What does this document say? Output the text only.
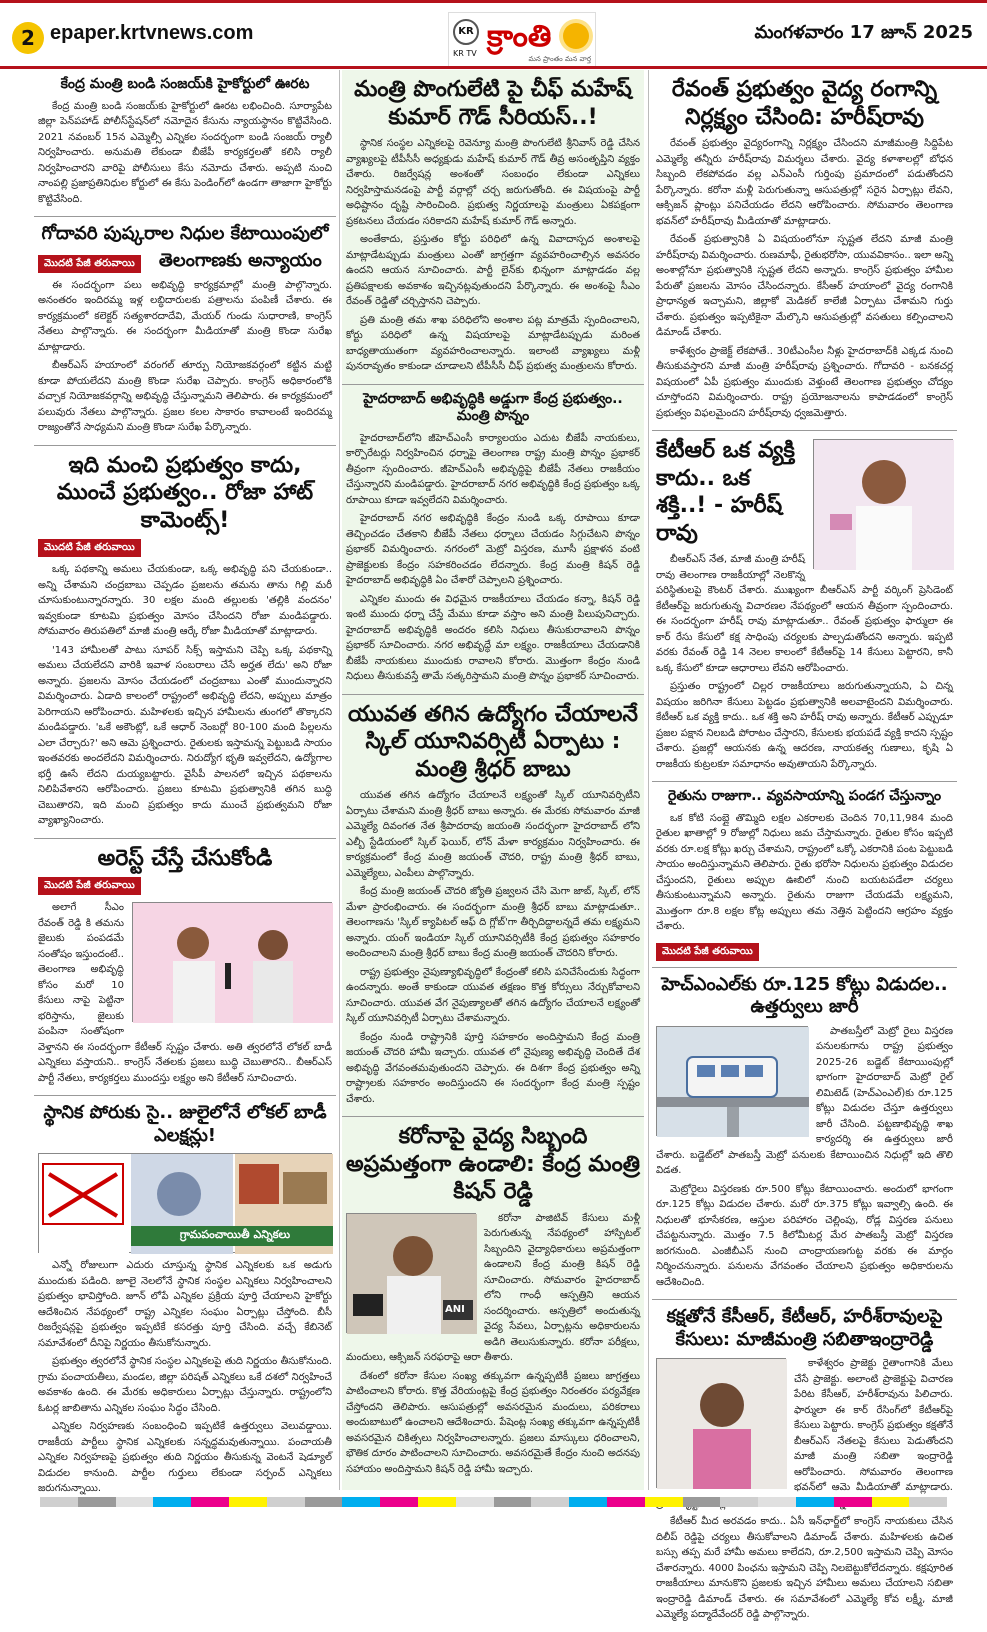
2 epaper.krtvnews.com	KR
KR TV క్రాంతి
మన ప్రాంతం మన వార్త
మంగళవారం 17 జూన్ 2025
కేంద్ర మంత్రి బండి సంజయ్‌కి హైకోర్టులో ఊరట

కేంద్ర మంత్రి బండి సంజయ్‌కు హైకోర్టులో ఊరట లభించింది. సూర్యాపేట జిల్లా పెన్‌పహాడ్ పోలీస్‌స్టేషన్‌లో నమోదైన కేసును న్యాయస్థానం కొట్టివేసింది. 2021 నవంబర్ 15న ఎమ్మెల్సీ ఎన్నికల సందర్భంగా బండి సంజయ్ ర్యాలీ నిర్వహించారు. అనుమతి లేకుండా బీజేపీ కార్యకర్తలతో కలిసి ర్యాలీ నిర్వహించారని వారిపై పోలీసులు కేసు నమోదు చేశారు. అప్పటి నుంచి నాంపల్లి ప్రజాప్రతినిధుల కోర్టులో ఈ కేసు పెండింగ్‌లో ఉండగా తాజాగా హైకోర్టు కొట్టివేసింది.

గోదావరి పుష్కరాల నిధుల కేటాయింపులో
మొదటి పేజీ తరువాయి	తెలంగాణకు అన్యాయం

ఈ సందర్భంగా పలు అభివృద్ధి కార్యక్రమాల్లో మంత్రి పాల్గొన్నారు. అనంతరం ఇందిరమ్మ ఇళ్ల లబ్ధిదారులకు పత్రాలను పంపిణీ చేశారు. ఈ కార్యక్రమంలో కలెక్టర్ సత్యశారదాదేవి, మేయర్ గుండు సుధారాణి, కాంగ్రెస్ నేతలు పాల్గొన్నారు. ఈ సందర్భంగా మీడియాతో మంత్రి కొండా సురేఖ మాట్లాడారు.

బీఆర్ఎస్ హయాంలో వరంగల్ తూర్పు నియోజకవర్గంలో కట్టిన మట్టి కూడా పోయలేదని మంత్రి కొండా సురేఖ చెప్పారు. కాంగ్రెస్ అధికారంలోకి వచ్చాక నియోజకవర్గాన్ని అభివృద్ధి చేస్తున్నామని తెలిపారు. ఈ కార్యక్రమంలో పలువురు నేతలు పాల్గొన్నారు. ప్రజల కలల సాకారం కావాలంటే ఇందిరమ్మ రాజ్యంతోనే సాధ్యమని మంత్రి కొండా సురేఖ పేర్కొన్నారు.

ఇది మంచి ప్రభుత్వం కాదు, ముంచే ప్రభుత్వం.. రోజా హాట్ కామెంట్స్!
మొదటి పేజీ తరువాయి

ఒక్క పథకాన్ని అమలు చేయకుండా, ఒక్క అభివృద్ధి పని చేయకుండా.. అన్ని చేశామని చంద్రబాబు చెప్పడం ప్రజలను తమను తాను గిల్లి మరీ చూసుకుంటున్నారన్నారు. 30 లక్షల మంది తల్లులకు 'తల్లికి వందనం' ఇవ్వకుండా కూటమి ప్రభుత్వం మోసం చేసిందని రోజా మండిపడ్డారు. సోమవారం తిరుపతిలో మాజీ మంత్రి ఆర్కే రోజా మీడియాతో మాట్లాడారు.

'143 హామీలతో పాటు సూపర్ సిక్స్ ఇస్తామని చెప్పి ఒక్క పథకాన్ని అమలు చేయలేదని వారికి ఇవాళ సంబరాలు చేసే అర్హత లేదు' అని రోజా అన్నారు. ప్రజలను మోసం చేయడంలో చంద్రబాబు ఎంతో ముందున్నారని విమర్శించారు. ఏడాది కాలంలో రాష్ట్రంలో అభివృద్ధి లేదని, అప్పులు మాత్రం పెరిగాయని ఆరోపించారు. మహిళలకు ఇచ్చిన హామీలను తుంగలో తొక్కారని మండిపడ్డారు. 'ఒకే అకౌంట్లో, ఒకే ఆధార్ నెంబర్లో 80-100 మంది పిల్లలను ఎలా చేర్చారు?' అని ఆమె ప్రశ్నించారు. రైతులకు ఇస్తామన్న పెట్టుబడి సాయం ఇంతవరకు అందలేదని విమర్శించారు. నిరుద్యోగ భృతి ఇవ్వలేదని, ఉద్యోగాల భర్తీ ఊసే లేదని దుయ్యబట్టారు. వైసీపీ పాలనలో ఇచ్చిన పథకాలను నిలిపివేశారని ఆరోపించారు. ప్రజలు కూటమి ప్రభుత్వానికి తగిన బుద్ధి చెబుతారని, ఇది మంచి ప్రభుత్వం కాదు ముంచే ప్రభుత్వమని రోజా వ్యాఖ్యానించారు.

అరెస్ట్ చేస్తే చేసుకోండి
మొదటి పేజీ తరువాయి

అలాగే సీఎం రేవంత్ రెడ్డి కి తమను జైలుకు పంపడమే సంతోషం ఇస్తుందంటే.. తెలంగాణ అభివృద్ధి కోసం మరో 10 కేసులు నాపై పెట్టినా భరిస్తాను, జైలుకు పంపినా సంతోషంగా వెళ్తానని ఈ సందర్భంగా కేటీఆర్ స్పష్టం చేశారు. అతి త్వరలోనే లోకల్ బాడీ ఎన్నికలు వస్తాయని.. కాంగ్రెస్ నేతలకు ప్రజలు బుద్ధి చెబుతారని.. బీఆర్ఎస్ పార్టీ నేతలు, కార్యకర్తలు ముందస్తు లక్ష్యం అని కేటీఆర్ సూచించారు.

స్థానిక పోరుకు సై.. జులైలోనే లోకల్ బాడీ ఎలక్షన్లు!
గ్రామపంచాయితీ ఎన్నికలు

ఎన్నో రోజులుగా ఎదురు చూస్తున్న స్థానిక ఎన్నికలకు ఒక అడుగు ముందుకు పడింది. జూలై నెలలోనే స్థానిక సంస్థల ఎన్నికలు నిర్వహించాలని ప్రభుత్వం భావిస్తోంది. జూన్ లోపే ఎన్నికల ప్రక్రియ పూర్తి చేయాలని హైకోర్టు ఆదేశించిన నేపథ్యంలో రాష్ట్ర ఎన్నికల సంఘం ఏర్పాట్లు చేస్తోంది. బీసీ రిజర్వేషన్లపై ప్రభుత్వం ఇప్పటికే కసరత్తు పూర్తి చేసింది. వచ్చే కేబినెట్ సమావేశంలో దీనిపై నిర్ణయం తీసుకోనున్నారు.

ప్రభుత్వం త్వరలోనే స్థానిక సంస్థల ఎన్నికలపై తుది నిర్ణయం తీసుకోనుంది. గ్రామ పంచాయతీలు, మండల, జిల్లా పరిషత్ ఎన్నికలు ఒకే దశలో నిర్వహించే అవకాశం ఉంది. ఈ మేరకు అధికారులు ఏర్పాట్లు చేస్తున్నారు. రాష్ట్రంలోని ఓటర్ల జాబితాను ఎన్నికల సంఘం సిద్ధం చేసింది.

ఎన్నికల నిర్వహణకు సంబంధించి ఇప్పటికే ఉత్తర్వులు వెలువడ్డాయి. రాజకీయ పార్టీలు స్థానిక ఎన్నికలకు సన్నద్ధమవుతున్నాయి. పంచాయతీ ఎన్నికల నిర్వహణపై ప్రభుత్వం తుది నిర్ణయం తీసుకున్న వెంటనే షెడ్యూల్ విడుదల కానుంది. పార్టీల గుర్తులు లేకుండా సర్పంచ్ ఎన్నికలు జరుగనున్నాయి.

మంత్రి పొంగులేటి పై చీఫ్ మహేష్ కుమార్ గౌడ్ సీరియస్..!

స్థానిక సంస్థల ఎన్నికలపై రెవెన్యూ మంత్రి పొంగులేటి శ్రీనివాస్ రెడ్డి చేసిన వ్యాఖ్యలపై టీపీసీసీ అధ్యక్షుడు మహేష్ కుమార్ గౌడ్ తీవ్ర అసంతృప్తిని వ్యక్తం చేశారు. రిజర్వేషన్ల అంశంతో సంబంధం లేకుండా ఎన్నికలు నిర్వహిస్తామనడంపై పార్టీ వర్గాల్లో చర్చ జరుగుతోంది. ఈ విషయంపై పార్టీ అధిష్టానం దృష్టి సారించింది. ప్రభుత్వ నిర్ణయాలపై మంత్రులు ఏకపక్షంగా ప్రకటనలు చేయడం సరికాదని మహేష్ కుమార్ గౌడ్ అన్నారు.

అంతేకాదు, ప్రస్తుతం కోర్టు పరిధిలో ఉన్న వివాదాస్పద అంశాలపై మాట్లాడేటప్పుడు మంత్రులు ఎంతో జాగ్రత్తగా వ్యవహరించాల్సిన అవసరం ఉందని ఆయన సూచించారు. పార్టీ లైన్‌కు భిన్నంగా మాట్లాడడం వల్ల ప్రతిపక్షాలకు అవకాశం ఇచ్చినట్లవుతుందని పేర్కొన్నారు. ఈ అంశంపై సీఎం రేవంత్ రెడ్డితో చర్చిస్తానని చెప్పారు.

ప్రతి మంత్రి తమ శాఖ పరిధిలోని అంశాల పట్ల మాత్రమే స్పందించాలని, కోర్టు పరిధిలో ఉన్న విషయాలపై మాట్లాడేటప్పుడు మరింత బాధ్యతాయుతంగా వ్యవహరించాలన్నారు. ఇలాంటి వ్యాఖ్యలు మళ్లీ పునరావృతం కాకుండా చూడాలని టీపీసీసీ చీఫ్ ప్రభుత్వ మంత్రులను కోరారు.

హైదరాబాద్ అభివృద్ధికి అడ్డుగా కేంద్ర ప్రభుత్వం..
మంత్రి పొన్నం

హైదరాబాద్‌లోని జీహెచ్ఎంసీ కార్యాలయం ఎదుట బీజేపీ నాయకులు, కార్పొరేటర్లు నిర్వహించిన ధర్నాపై తెలంగాణ రాష్ట్ర మంత్రి పొన్నం ప్రభాకర్ తీవ్రంగా స్పందించారు. జీహెచ్ఎంసీ అభివృద్ధిపై బీజేపీ నేతలు రాజకీయం చేస్తున్నారని మండిపడ్డారు. హైదరాబాద్ నగర అభివృద్ధికి కేంద్ర ప్రభుత్వం ఒక్క రూపాయి కూడా ఇవ్వలేదని విమర్శించారు.

హైదరాబాద్ నగర అభివృద్ధికి కేంద్రం నుండి ఒక్క రూపాయి కూడా తెచ్చించడం చేతకాని బీజేపీ నేతలు ధర్నాలు చేయడం సిగ్గుచేటని పొన్నం ప్రభాకర్ విమర్శించారు. నగరంలో మెట్రో విస్తరణ, మూసీ ప్రక్షాళన వంటి ప్రాజెక్టులకు కేంద్రం సహకరించడం లేదన్నారు. కేంద్ర మంత్రి కిషన్ రెడ్డి హైదరాబాద్ అభివృద్ధికి ఏం చేశారో చెప్పాలని ప్రశ్నించారు.

ఎన్నికల ముందు ఈ విధమైన రాజకీయాలు చేయడం కన్నా, కిషన్ రెడ్డి ఇంటి ముందు ధర్నా చేస్తే మేము కూడా వస్తాం అని మంత్రి పిలుపునిచ్చారు. హైదరాబాద్ అభివృద్ధికి అందరం కలిసి నిధులు తీసుకురావాలని పొన్నం ప్రభాకర్ సూచించారు. నగర అభివృద్ధే మా లక్ష్యం. రాజకీయాలు చేయడానికి బీజేపీ నాయకులు ముందుకు రావాలని కోరారు. మొత్తంగా కేంద్రం నుండి నిధులు తీసుకువస్తే తామే సత్కరిస్తామని మంత్రి పొన్నం ప్రభాకర్ సూచించారు.

యువత తగిన ఉద్యోగం చేయాలనే స్కిల్ యూనివర్సిటీ ఏర్పాటు : మంత్రి శ్రీధర్ బాబు

యువత తగిన ఉద్యోగం చేయాలనే లక్ష్యంతో స్కిల్ యూనివర్సిటీని ఏర్పాటు చేశామని మంత్రి శ్రీధర్ బాబు అన్నారు. ఈ మేరకు సోమవారం మాజీ ఎమ్మెల్యే దివంగత నేత శ్రీపాదరావు జయంతి సందర్భంగా హైదరాబాద్ లోని ఎల్బీ స్టేడియంలో స్కిల్ ఫెయిర్, లోన్ మేళా కార్యక్రమం నిర్వహించారు. ఈ కార్యక్రమంలో కేంద్ర మంత్రి జయంత్ చౌదరి, రాష్ట్ర మంత్రి శ్రీధర్ బాబు, ఎమ్మెల్యేలు, ఎంపీలు పాల్గొన్నారు.

కేంద్ర మంత్రి జయంత్ చౌదరి జ్యోతి ప్రజ్వలన చేసి మెగా జాబ్, స్కిల్, లోన్ మేళా ప్రారంభించారు. ఈ సందర్భంగా మంత్రి శ్రీధర్ బాబు మాట్లాడుతూ.. తెలంగాణను 'స్కిల్ క్యాపిటల్ ఆఫ్ ది గ్లోబ్'గా తీర్చిదిద్దాలన్నదే తమ లక్ష్యమని అన్నారు. యంగ్ ఇండియా స్కిల్ యూనివర్సిటీకి కేంద్ర ప్రభుత్వం సహకారం అందించాలని మంత్రి శ్రీధర్ బాబు కేంద్ర మంత్రి జయంత్ చౌదరిని కోరారు.

రాష్ట్ర ప్రభుత్వం నైపుణ్యాభివృద్ధిలో కేంద్రంతో కలిసి పనిచేసేందుకు సిద్ధంగా ఉందన్నారు. అంతే కాకుండా యువత తక్షణం కొత్త కోర్సులు నేర్చుకోవాలని సూచించారు. యువత వేగ నైపుణ్యాలతో తగిన ఉద్యోగం చేయాలనే లక్ష్యంతో స్కిల్ యూనివర్సిటీ ఏర్పాటు చేశామన్నారు.

కేంద్రం నుండి రాష్ట్రానికి పూర్తి సహకారం అందిస్తామని కేంద్ర మంత్రి జయంత్ చౌదరి హామీ ఇచ్చారు. యువత లో నైపుణ్య అభివృద్ధి చెందితే దేశ అభివృద్ధి వేగవంతమవుతుందని చెప్పారు. ఈ దిశగా కేంద్ర ప్రభుత్వం అన్ని రాష్ట్రాలకు సహకారం అందిస్తుందని ఈ సందర్భంగా కేంద్ర మంత్రి స్పష్టం చేశారు.

కరోనాపై వైద్య సిబ్బంది అప్రమత్తంగా ఉండాలి: కేంద్ర మంత్రి కిషన్ రెడ్డి
ANI

కరోనా పాజిటివ్ కేసులు మళ్లీ పెరుగుతున్న నేపథ్యంలో హాస్పిటల్ సిబ్బందిని వైద్యాధికారులు అప్రమత్తంగా ఉండాలని కేంద్ర మంత్రి కిషన్ రెడ్డి సూచించారు. సోమవారం హైదరాబాద్ లోని గాంధీ ఆస్పత్రిని ఆయన సందర్శించారు. ఆస్పత్రిలో అందుతున్న వైద్య సేవలు, ఏర్పాట్లను అధికారులను అడిగి తెలుసుకున్నారు. కరోనా పరీక్షలు, మందులు, ఆక్సిజన్ సరఫరాపై ఆరా తీశారు.

దేశంలో కరోనా కేసుల సంఖ్య తక్కువగా ఉన్నప్పటికీ ప్రజలు జాగ్రత్తలు పాటించాలని కోరారు. కొత్త వేరియంట్లపై కేంద్ర ప్రభుత్వం నిరంతరం పర్యవేక్షణ చేస్తోందని తెలిపారు. ఆసుపత్రుల్లో అవసరమైన మందులు, పరికరాలు అందుబాటులో ఉంచాలని ఆదేశించారు. పేషెంట్ల సంఖ్య తక్కువగా ఉన్నప్పటికీ అవసరమైన చికిత్సలు నిర్వహించాలన్నారు. ప్రజలు మాస్కులు ధరించాలని, భౌతిక దూరం పాటించాలని సూచించారు. అవసరమైతే కేంద్రం నుంచి అదనపు సహాయం అందిస్తామని కిషన్ రెడ్డి హామీ ఇచ్చారు.

రేవంత్ ప్రభుత్వం వైద్య రంగాన్ని నిర్లక్ష్యం చేసింది: హరీష్‌రావు

రేవంత్ ప్రభుత్వం వైద్యరంగాన్ని నిర్లక్ష్యం చేసిందని మాజీమంత్రి సిద్దిపేట ఎమ్మెల్యే తన్నీరు హరీష్‌రావు విమర్శలు చేశారు. వైద్య కళాశాలల్లో బోధన సిబ్బంది లేకపోవడం వల్ల ఎన్ఎంసీ గుర్తింపు ప్రమాదంలో పడుతోందని పేర్కొన్నారు. కరోనా మళ్లీ పెరుగుతున్నా ఆసుపత్రుల్లో సరైన ఏర్పాట్లు లేవని, ఆక్సిజన్ ప్లాంట్లు పనిచేయడం లేదని ఆరోపించారు. సోమవారం తెలంగాణ భవన్‌లో హరీష్‌రావు మీడియాతో మాట్లాడారు.

రేవంత్ ప్రభుత్వానికి ఏ విషయంలోనూ స్పష్టత లేదని మాజీ మంత్రి హరీష్‌రావు విమర్శించారు. రుణమాఫీ, రైతుభరోసా, యువవికాసం.. ఇలా అన్ని అంశాల్లోనూ ప్రభుత్వానికి స్పష్టత లేదని అన్నారు. కాంగ్రెస్ ప్రభుత్వం హామీల పేరుతో ప్రజలను మోసం చేసిందన్నారు. కేసీఆర్ హయాంలో వైద్య రంగానికి ప్రాధాన్యత ఇచ్చామని, జిల్లాకో మెడికల్ కాలేజీ ఏర్పాటు చేశామని గుర్తు చేశారు. ప్రభుత్వం ఇప్పటికైనా మేల్కొని ఆసుపత్రుల్లో వసతులు కల్పించాలని డిమాండ్ చేశారు.

కాళేశ్వరం ప్రాజెక్ట్ లేకపోతే.. 30టీఎంసీల నీళ్లు హైదరాబాద్‌కి ఎక్కడ నుంచి తీసుకువస్తారని మాజీ మంత్రి హరీష్‌రావు ప్రశ్నించారు. గోదావరి - బనకచర్ల విషయంలో ఏపీ ప్రభుత్వం ముందుకు వెళ్తుంటే తెలంగాణ ప్రభుత్వం చోద్యం చూస్తోందని విమర్శించారు. రాష్ట్ర ప్రయోజనాలను కాపాడడంలో కాంగ్రెస్ ప్రభుత్వం విఫలమైందని హరీష్‌రావు ధ్వజమెత్తారు.

కేటీఆర్ ఒక వ్యక్తి కాదు.. ఒక శక్తి..! - హరీష్ రావు

బీఆర్ఎస్ నేత, మాజీ మంత్రి హరీష్ రావు తెలంగాణ రాజకీయాల్లో నెలకొన్న పరిస్థితులపై కౌంటర్ చేశారు. ముఖ్యంగా బీఆర్ఎస్ పార్టీ వర్కింగ్ ప్రెసిడెంట్ కేటీఆర్‌పై జరుగుతున్న విచారణల నేపథ్యంలో ఆయన తీవ్రంగా స్పందించారు. ఈ సందర్భంగా హరీష్ రావు మాట్లాడుతూ.. రేవంత్ ప్రభుత్వం ఫార్ములా ఈ కార్ రేసు కేసులో కక్ష సాధింపు చర్యలకు పాల్పడుతోందని అన్నారు. ఇప్పటి వరకు రేవంత్ రెడ్డి 14 నెలల కాలంలో కేటీఆర్‌పై 14 కేసులు పెట్టారని, కానీ ఒక్క కేసులో కూడా ఆధారాలు లేవని ఆరోపించారు.

ప్రస్తుతం రాష్ట్రంలో చిల్లర రాజకీయాలు జరుగుతున్నాయని, ఏ చిన్న విషయం జరిగినా కేసులు పెట్టడం ప్రభుత్వానికి అలవాటైందని విమర్శించారు. కేటీఆర్ ఒక వ్యక్తి కాదు.. ఒక శక్తి అని హరీష్ రావు అన్నారు. కేటీఆర్ ఎప్పుడూ ప్రజల పక్షాన నిలబడి పోరాటం చేస్తారని, కేసులకు భయపడే వ్యక్తి కాదని స్పష్టం చేశారు. ప్రజల్లో ఆయనకు ఉన్న ఆదరణ, నాయకత్వ గుణాలు, కృషి ఏ రాజకీయ కుట్రలకూ సమాధానం అవుతాయని పేర్కొన్నారు.

రైతును రాజుగా.. వ్యవసాయాన్ని పండగ చేస్తున్నాం

ఒక కోటి సంబ్లై తొమ్మిది లక్షల ఎకరాలకు చెందిన 70,11,984 మంది రైతుల ఖాతాల్లో 9 రోజుల్లో నిధులు జమ చేస్తామన్నారు. రైతుల కోసం ఇప్పటి వరకు రూ.లక్ష కోట్లు ఖర్చు చేశామని, రాష్ట్రంలో ఒక్కో ఎకరానికి పంట పెట్టుబడి సాయం అందిస్తున్నామని తెలిపారు. రైతు భరోసా నిధులను ప్రభుత్వం విడుదల చేస్తుందని, రైతులు అప్పుల ఊబిలో నుంచి బయటపడేలా చర్యలు తీసుకుంటున్నామని అన్నారు. రైతును రాజుగా చేయడమే లక్ష్యమని, మొత్తంగా రూ.8 లక్షల కోట్ల అప్పులు తమ నెత్తిన పెట్టిందని ఆగ్రహం వ్యక్తం చేశారు.

మొదటి పేజీ తరువాయి
హెచ్ఎంఎల్‌కు రూ.125 కోట్లు విడుదల.. ఉత్తర్వులు జారీ

పాతబస్తీలో మెట్రో రైలు విస్తరణ పనులకుగాను రాష్ట్ర ప్రభుత్వం 2025-26 బడ్జెట్ కేటాయింపుల్లో భాగంగా హైదరాబాద్ మెట్రో రైల్ లిమిటెడ్ (హెచ్ఎంఎల్)కు రూ.125 కోట్లు విడుదల చేస్తూ ఉత్తర్వులు జారీ చేసింది. పట్టణాభివృద్ధి శాఖ కార్యదర్శి ఈ ఉత్తర్వులు జారీ చేశారు. బడ్జెట్‌లో పాతబస్తీ మెట్రో పనులకు కేటాయించిన నిధుల్లో ఇది తొలి విడత.

మెట్రోరైలు విస్తరణకు రూ.500 కోట్లు కేటాయించారు. అందులో భాగంగా రూ.125 కోట్లు విడుదల చేశారు. మరో రూ.375 కోట్లు ఇవ్వాల్సి ఉంది. ఈ నిధులతో భూసేకరణ, ఆస్తుల పరిహారం చెల్లింపు, రోడ్ల విస్తరణ పనులు చేపట్టనున్నారు. మొత్తం 7.5 కిలోమీటర్ల మేర పాతబస్తీ మెట్రో విస్తరణ జరగనుంది. ఎంజీబీఎస్ నుంచి చాంద్రాయణగుట్ట వరకు ఈ మార్గం నిర్మించనున్నారు. పనులను వేగవంతం చేయాలని ప్రభుత్వం అధికారులను ఆదేశించింది.

కక్షతోనే కేసీఆర్, కేటీఆర్, హరీశ్‌రావులపై కేసులు: మాజీమంత్రి సబితాఇంద్రారెడ్డి

కాళేశ్వరం ప్రాజెక్టు రైతాంగానికి మేలు చేసే ప్రాజెక్టు. అలాంటి ప్రాజెక్టుపై విచారణ పేరిట కేసీఆర్, హరీశ్‌రావును పిలిచారు. ఫార్ములా ఈ కార్ రేసింగ్‌లో కేటీఆర్‌పై కేసులు పెట్టారు. కాంగ్రెస్ ప్రభుత్వం కక్షతోనే బీఆర్ఎస్ నేతలపై కేసులు పెడుతోందని మాజీ మంత్రి సబితా ఇంద్రారెడ్డి ఆరోపించారు. సోమవారం తెలంగాణ భవన్‌లో ఆమె మీడియాతో మాట్లాడారు.

కేటీఆర్ మీద అరవడం కాదు.. ఏసీ ఇన్‌ఛార్జ్‌లో కాంగ్రెస్ నాయకులు చేసిన దిలీప్ రెడ్డిపై చర్యలు తీసుకోవాలని డిమాండ్ చేశారు. మహిళలకు ఉచిత బస్సు తప్ప మరే హామీ అమలు కాలేదని, రూ.2,500 ఇస్తామని చెప్పి మోసం చేశారన్నారు. 4000 పింఛను ఇస్తామని చెప్పి నిలబెట్టుకోలేదన్నారు. కక్షపూరిత రాజకీయాలు మానుకొని ప్రజలకు ఇచ్చిన హామీలు అమలు చేయాలని సబితా ఇంద్రారెడ్డి డిమాండ్ చేశారు. ఈ సమావేశంలో ఎమ్మెల్యే కోవ లక్ష్మీ, మాజీ ఎమ్మెల్యే పద్మాదేవేందర్ రెడ్డి పాల్గొన్నారు.
